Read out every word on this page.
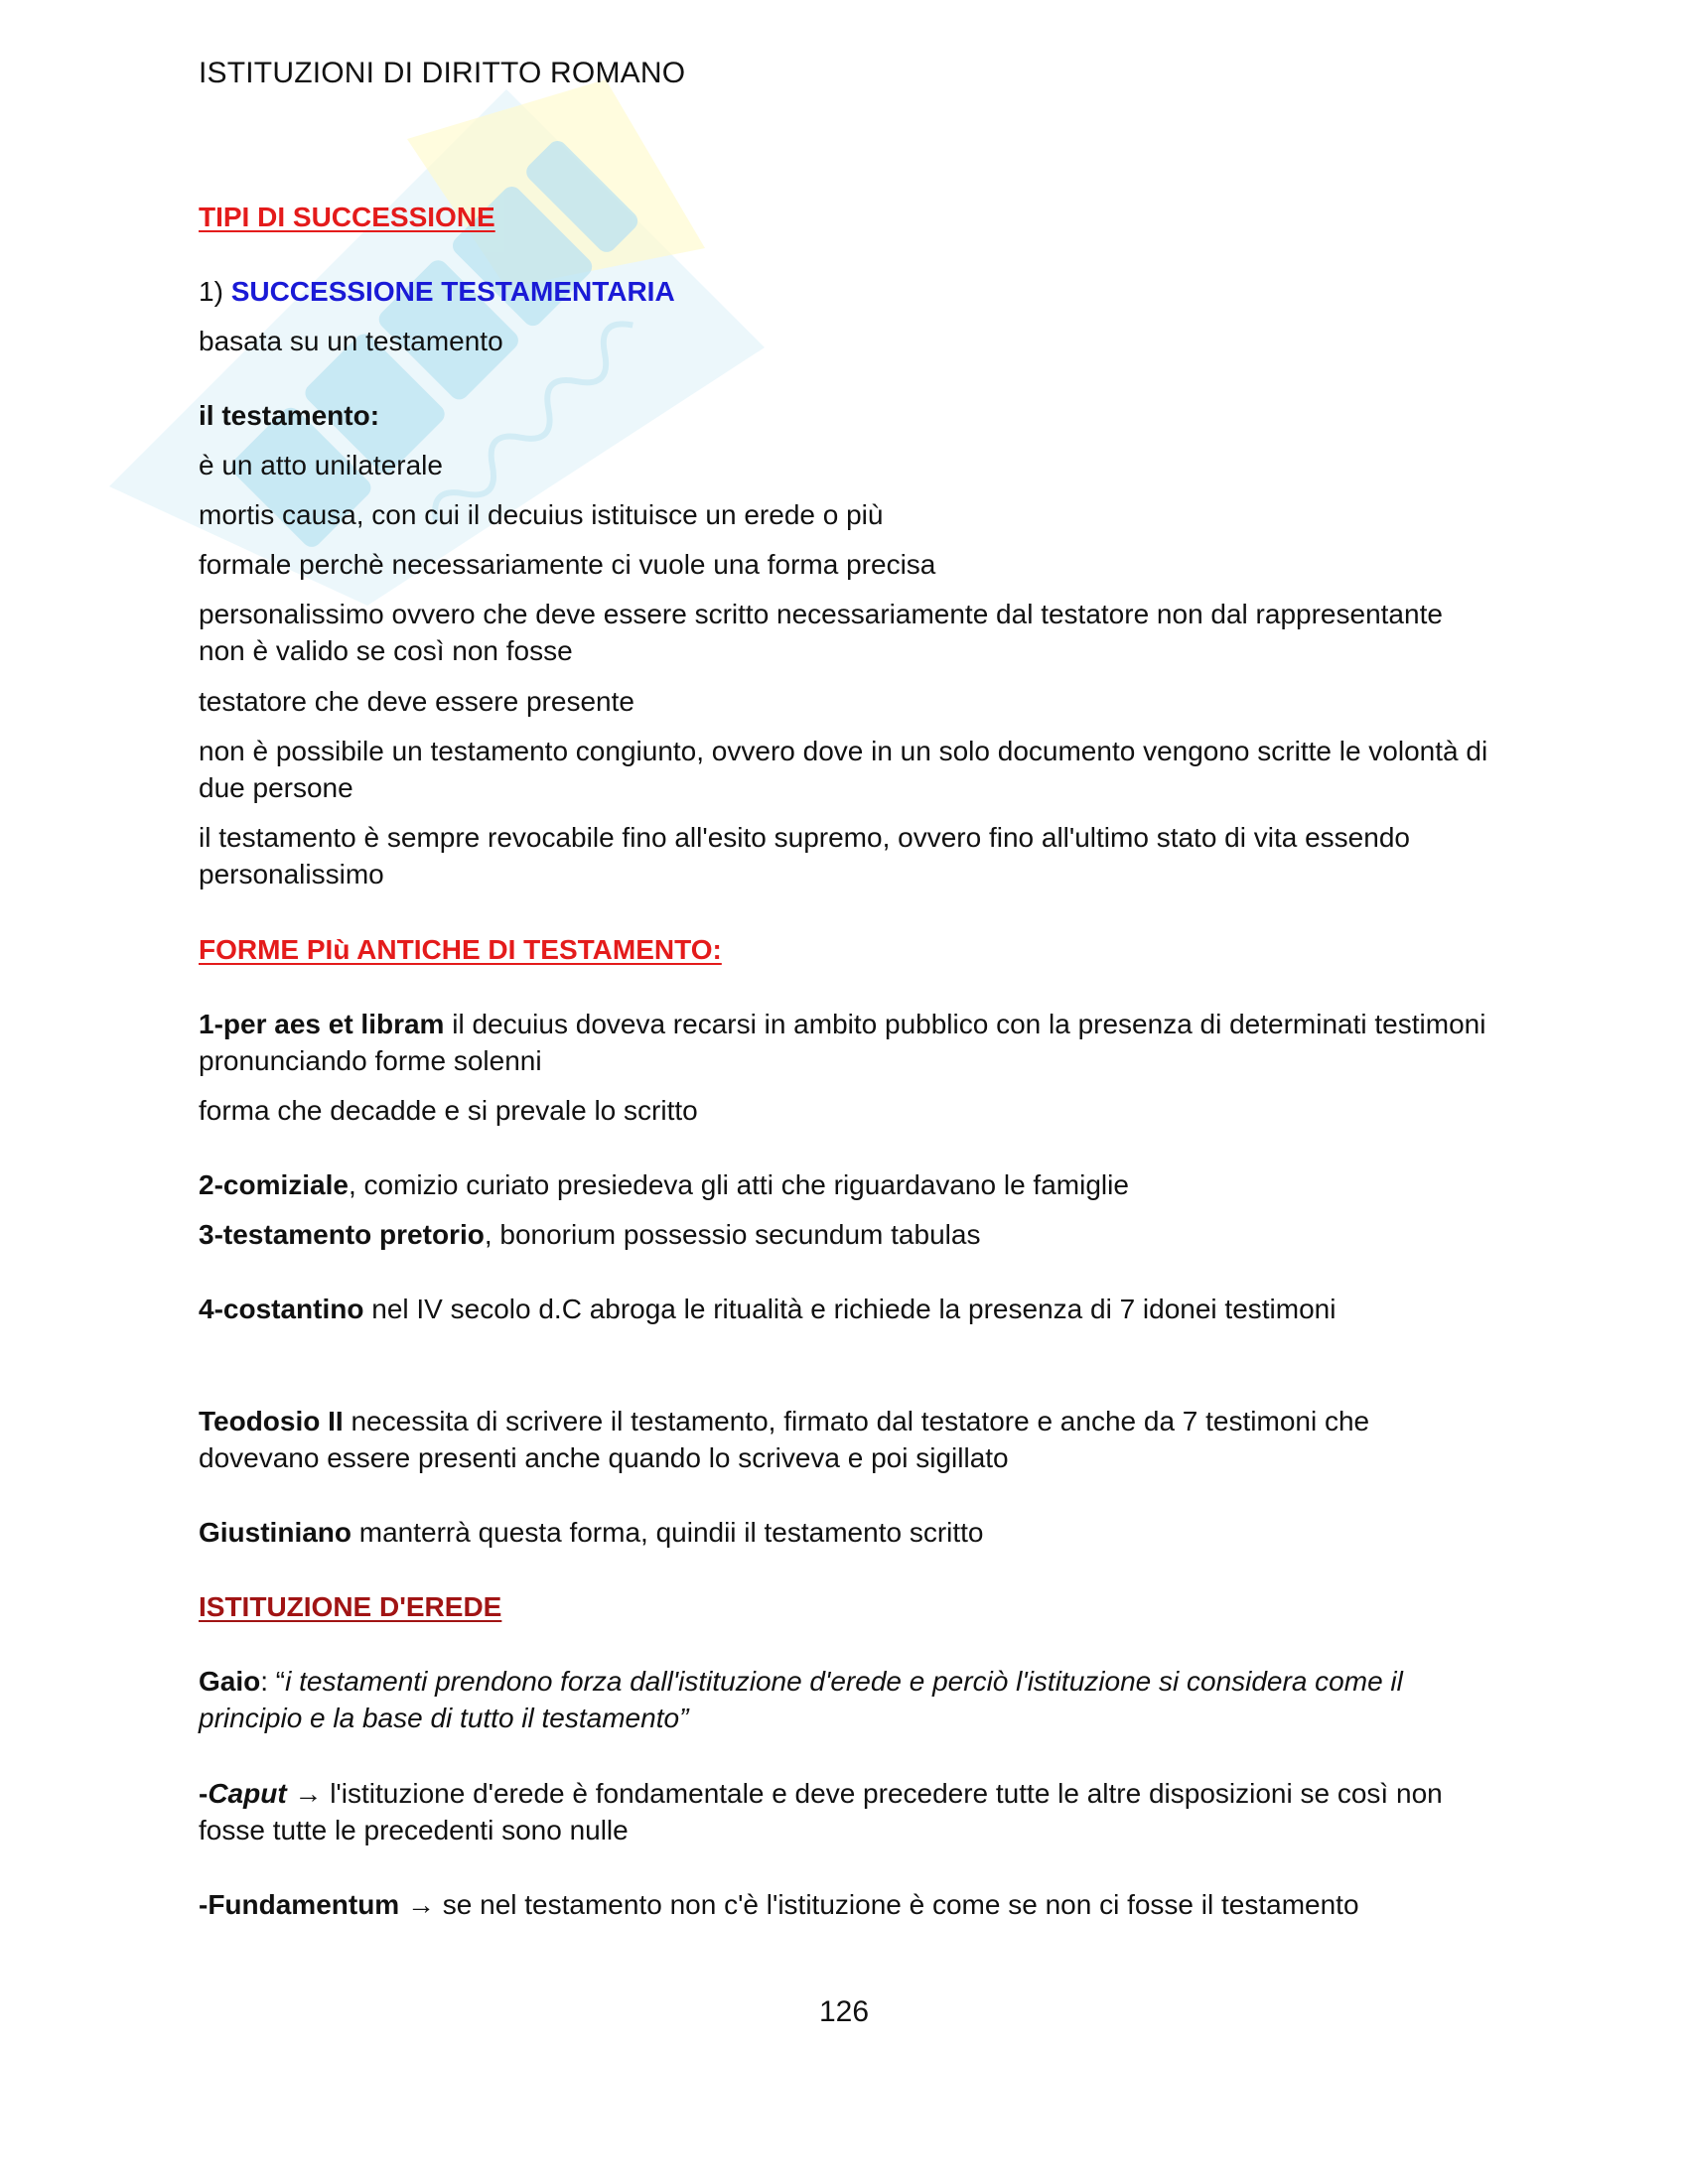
ISTITUZIONI DI DIRITTO ROMANO
TIPI DI SUCCESSIONE
1) SUCCESSIONE TESTAMENTARIA
basata su un testamento
il testamento:
è un atto unilaterale
mortis causa, con cui il decuius istituisce un erede o più
formale perchè necessariamente ci vuole una forma precisa
personalissimo ovvero che deve essere scritto necessariamente dal testatore non dal rappresentante non è valido se così non fosse
testatore che deve essere presente
non è possibile un testamento congiunto, ovvero dove in un solo documento vengono scritte le volontà di due persone
il testamento è sempre revocabile fino all'esito supremo, ovvero fino all'ultimo stato di vita essendo personalissimo
FORME PIù ANTICHE DI TESTAMENTO:
1-per aes et libram il decuius doveva recarsi in ambito pubblico con la presenza di determinati testimoni pronunciando forme solenni
forma che decadde e si prevale lo scritto
2-comiziale, comizio curiato presiedeva gli atti che riguardavano le famiglie
3-testamento pretorio, bonorium possessio secundum tabulas
4-costantino nel IV secolo d.C abroga le ritualità e richiede la presenza di 7 idonei testimoni
Teodosio II necessita di scrivere il testamento, firmato dal testatore e anche da 7 testimoni che dovevano essere presenti anche quando lo scriveva e poi sigillato
Giustiniano manterrà questa forma, quindii il testamento scritto
ISTITUZIONE D'EREDE
Gaio: “i testamenti prendono forza dall'istituzione d'erede e perciò l'istituzione si considera come il principio e la base di tutto il testamento”
-Caput → l'istituzione d'erede è fondamentale e deve precedere tutte le altre disposizioni se così non fosse tutte le precedenti sono nulle
-Fundamentum → se nel testamento non c'è l'istituzione è come se non ci fosse il testamento
126
